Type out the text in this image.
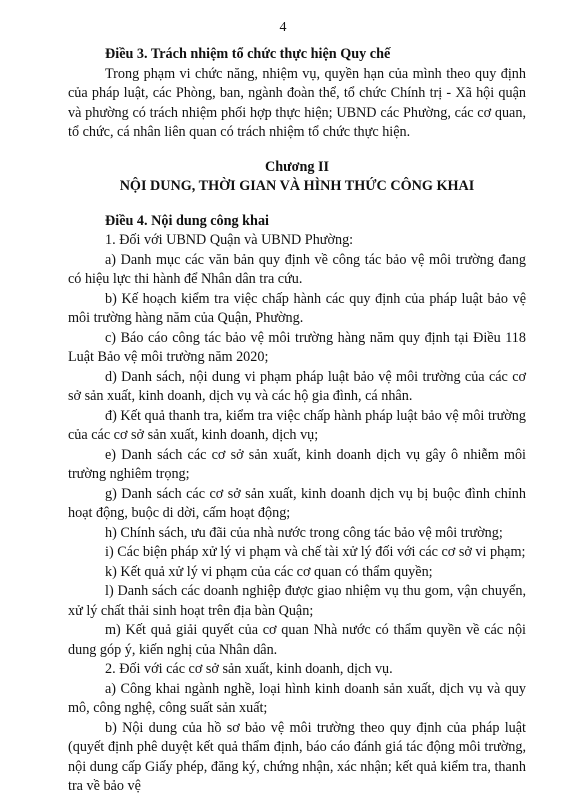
4

Điều 3. Trách nhiệm tổ chức thực hiện Quy chế

Trong phạm vi chức năng, nhiệm vụ, quyền hạn của mình theo quy định của pháp luật, các Phòng, ban, ngành đoàn thể, tổ chức Chính trị - Xã hội quận và phường có trách nhiệm phối hợp thực hiện; UBND các Phường, các cơ quan, tổ chức, cá nhân liên quan có trách nhiệm tổ chức thực hiện.

Chương II

NỘI DUNG, THỜI GIAN VÀ HÌNH THỨC CÔNG KHAI

Điều 4. Nội dung công khai

1. Đối với UBND Quận và UBND Phường:

a) Danh mục các văn bản quy định về công tác bảo vệ môi trường đang có hiệu lực thi hành để Nhân dân tra cứu.

b) Kế hoạch kiểm tra việc chấp hành các quy định của pháp luật bảo vệ môi trường hàng năm của Quận, Phường.

c) Báo cáo công tác bảo vệ môi trường hàng năm quy định tại Điều 118 Luật Bảo vệ môi trường năm 2020;

d) Danh sách, nội dung vi phạm pháp luật bảo vệ môi trường của các cơ sở sản xuất, kinh doanh, dịch vụ và các hộ gia đình, cá nhân.

đ) Kết quả thanh tra, kiểm tra việc chấp hành pháp luật bảo vệ môi trường của các cơ sở sản xuất, kinh doanh, dịch vụ;

e) Danh sách các cơ sở sản xuất, kinh doanh dịch vụ gây ô nhiễm môi trường nghiêm trọng;

g) Danh sách các cơ sở sản xuất, kinh doanh dịch vụ bị buộc đình chỉnh hoạt động, buộc di dời, cấm hoạt động;

h) Chính sách, ưu đãi của nhà nước trong công tác bảo vệ môi trường;

i) Các biện pháp xử lý vi phạm và chế tài xử lý đối với các cơ sở vi phạm;

k) Kết quả xử lý vi phạm của các cơ quan có thẩm quyền;

l) Danh sách các doanh nghiệp được giao nhiệm vụ thu gom, vận chuyển, xử lý chất thải sinh hoạt trên địa bàn Quận;

m) Kết quả giải quyết của cơ quan Nhà nước có thẩm quyền về các nội dung góp ý, kiến nghị của Nhân dân.

2. Đối với các cơ sở sản xuất, kinh doanh, dịch vụ.

a) Công khai ngành nghề, loại hình kinh doanh sản xuất, dịch vụ và quy mô, công nghệ, công suất sản xuất;

b) Nội dung của hồ sơ bảo vệ môi trường theo quy định của pháp luật (quyết định phê duyệt kết quả thẩm định, báo cáo đánh giá tác động môi trường, nội dung cấp Giấy phép, đăng ký, chứng nhận, xác nhận; kết quả kiểm tra, thanh tra về bảo vệ
